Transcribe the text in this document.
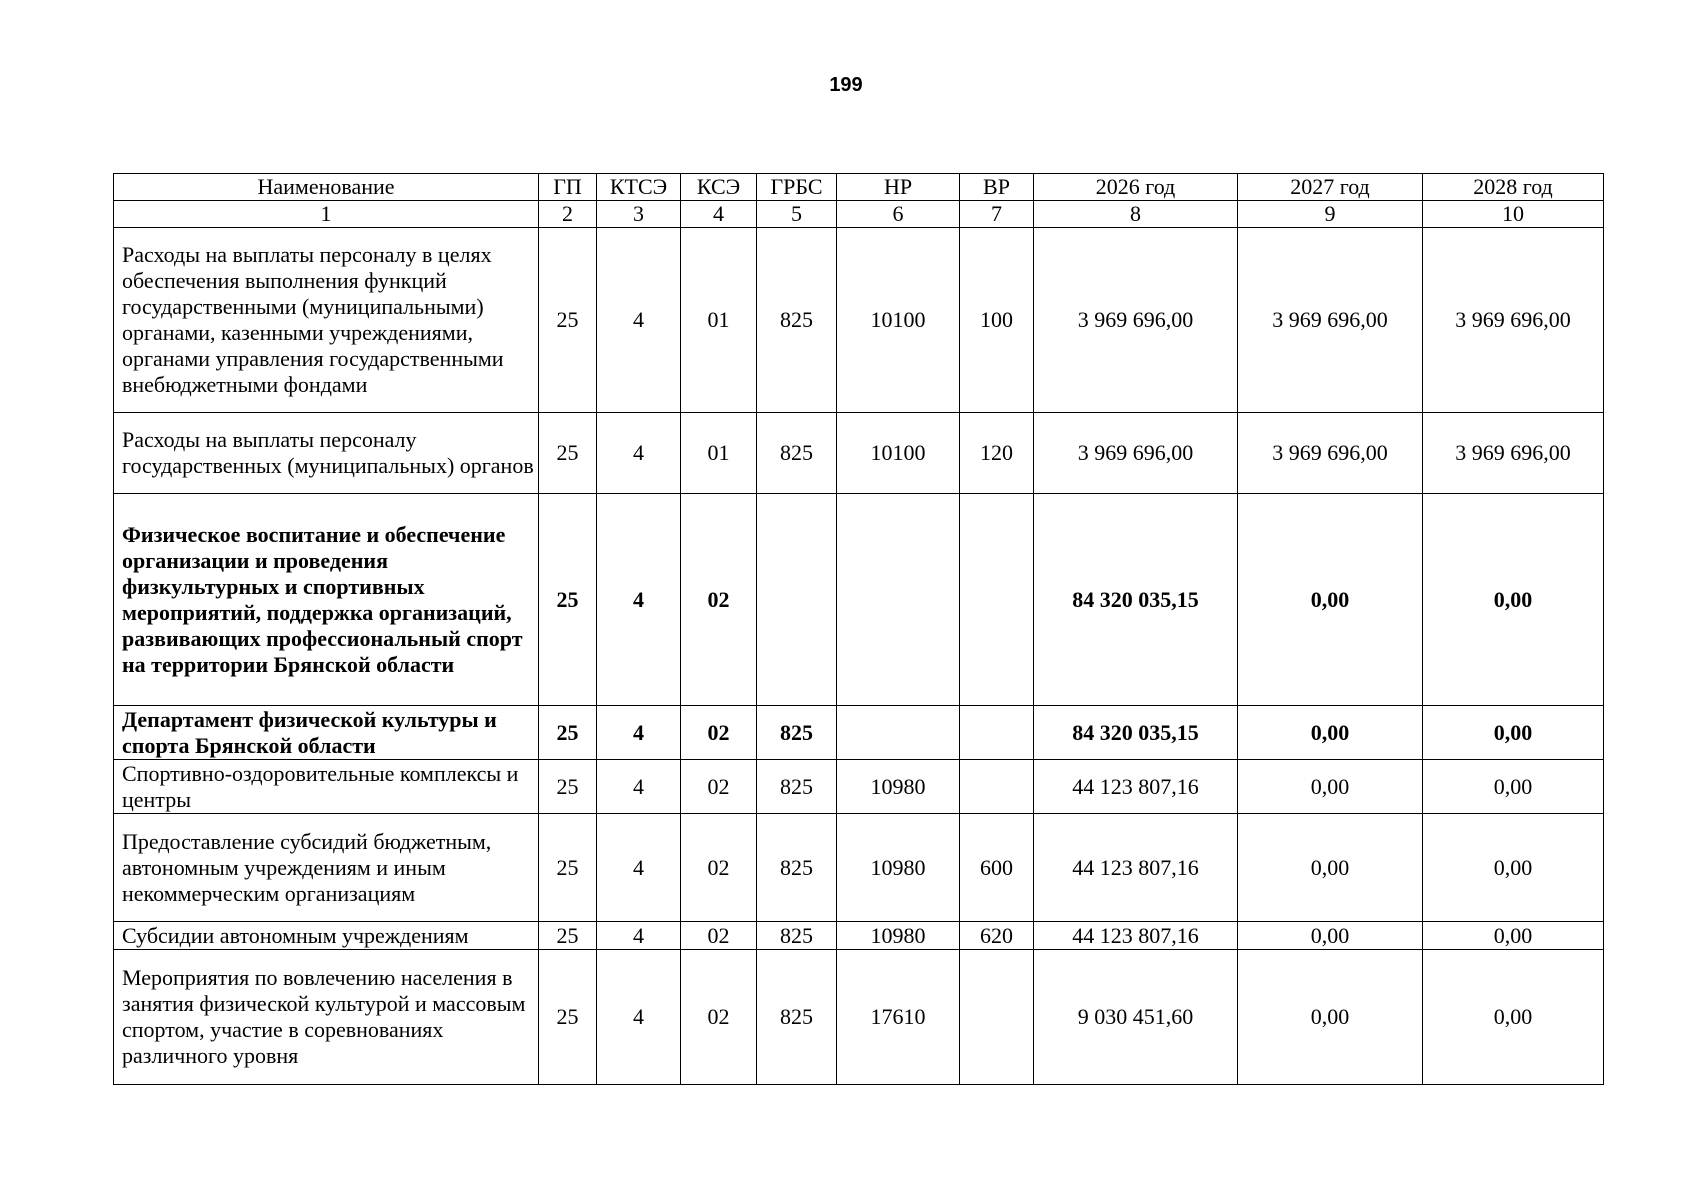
199
Наименование	ГП	КТСЭ	КСЭ	ГРБС	НР	ВР	2026 год	2027 год	2028 год
1	2	3	4	5	6	7	8	9	10
Расходы на выплаты персоналу в целях обеспечения выполнения функций государственными (муниципальными) органами, казенными учреждениями, органами управления государственными внебюджетными фондами	25	4	01	825	10100	100	3 969 696,00	3 969 696,00	3 969 696,00
Расходы на выплаты персоналу государственных (муниципальных) органов	25	4	01	825	10100	120	3 969 696,00	3 969 696,00	3 969 696,00
Физическое воспитание и обеспечение организации и проведения физкультурных и спортивных мероприятий, поддержка организаций, развивающих профессиональный спорт на территории Брянской области	25	4	02				84 320 035,15	0,00	0,00
Департамент физической культуры и спорта Брянской области	25	4	02	825			84 320 035,15	0,00	0,00
Спортивно-оздоровительные комплексы и центры	25	4	02	825	10980		44 123 807,16	0,00	0,00
Предоставление субсидий бюджетным, автономным учреждениям и иным некоммерческим организациям	25	4	02	825	10980	600	44 123 807,16	0,00	0,00
Субсидии автономным учреждениям	25	4	02	825	10980	620	44 123 807,16	0,00	0,00
Мероприятия по вовлечению населения в занятия физической культурой и массовым спортом, участие в соревнованиях различного уровня	25	4	02	825	17610		9 030 451,60	0,00	0,00
